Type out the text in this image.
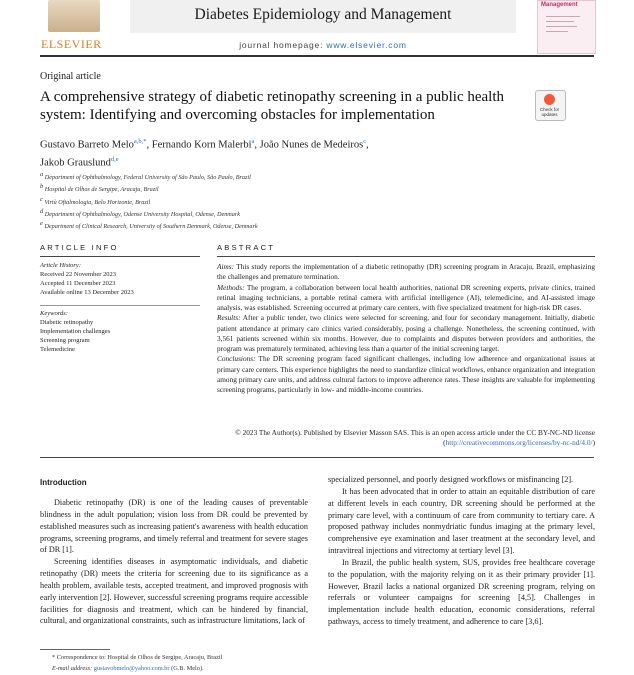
ELSEVIER
Diabetes Epidemiology and Management
journal homepage: www.elsevier.com
Management
Original article
A comprehensive strategy of diabetic retinopathy screening in a public health system: Identifying and overcoming obstacles for implementation	Check for updates
Gustavo Barreto Melo$^{a,b,*}$, Fernando Korn Malerbi$^a$, João Nunes de Medeiros$^c$,
Jakob Grauslund$^{d,e}$
$^a$ Department of Ophthalmology, Federal University of São Paulo, São Paulo, Brazil
$^b$ Hospital de Olhos de Sergipe, Aracaju, Brazil
$^c$ Virtù Oftalmologia, Belo Horizonte, Brazil
$^d$ Department of Ophthalmology, Odense University Hospital, Odense, Denmark
$^e$ Department of Clinical Research, University of Southern Denmark, Odense, Denmark
ARTICLE INFO	ABSTRACT
Article History:
Received 22 November 2023
Accepted 11 December 2023
Available online 13 December 2023
Keywords:
Diabetic retinopathy
Implementation challenges
Screening program
Telemedicine

Aims: This study reports the implementation of a diabetic retinopathy (DR) screening program in Aracaju, Brazil, emphasizing the challenges and premature termination.

Methods: The program, a collaboration between local health authorities, national DR screening experts, private clinics, trained retinal imaging technicians, a portable retinal camera with artificial intelligence (AI), telemedicine, and AI-assisted image analysis, was established. Screening occurred at primary care centers, with five specialized treatment for high-risk DR cases.

Results: After a public tender, two clinics were selected for screening, and four for secondary management. Initially, diabetic patient attendance at primary care clinics varied considerably, posing a challenge. Nonetheless, the screening continued, with 3,561 patients screened within six months. However, due to complaints and disputes between providers and authorities, the program was prematurely terminated, achieving less than a quarter of the initial screening target.

Conclusions: The DR screening program faced significant challenges, including low adherence and organizational issues at primary care centers. This experience highlights the need to standardize clinical workflows, enhance organization and integration among primary care units, and address cultural factors to improve adherence rates. These insights are valuable for implementing screening programs, particularly in low- and middle-income countries.

© 2023 The Author(s). Published by Elsevier Masson SAS. This is an open access article under the CC BY-NC-ND license (http://creativecommons.org/licenses/by-nc-nd/4.0/)
Introduction

Diabetic retinopathy (DR) is one of the leading causes of preventable blindness in the adult population; vision loss from DR could be prevented by established measures such as increasing patient's awareness with health education programs, screening programs, and timely referral and treatment for severe stages of DR [1].

Screening identifies diseases in asymptomatic individuals, and diabetic retinopathy (DR) meets the criteria for screening due to its significance as a health problem, available tests, accepted treatment, and improved prognosis with early intervention [2]. However, successful screening programs require accessible facilities for diagnosis and treatment, which can be hindered by financial, cultural, and organizational constraints, such as infrastructure limitations, lack of

specialized personnel, and poorly designed workflows or misfinancing [2].

It has been advocated that in order to attain an equitable distribution of care at different levels in each country, DR screening should be performed at the primary care level, with a continuum of care from community to tertiary care. A proposed pathway includes nonmydriatic fundus imaging at the primary level, comprehensive eye examination and laser treatment at the secondary level, and intravitreal injections and vitrectomy at tertiary level [3].

In Brazil, the public health system, SUS, provides free healthcare coverage to the population, with the majority relying on it as their primary provider [1]. However, Brazil lacks a national organized DR screening program, relying on referrals or volunteer campaigns for screening [4,5]. Challenges in implementation include health education, economic considerations, referral pathways, access to timely treatment, and adherence to care [3,6].

* Correspondence to: Hospital de Olhos de Sergipe, Aracaju, Brazil
E-mail address: gustavobmelo@yahoo.com.br (G.B. Melo).
